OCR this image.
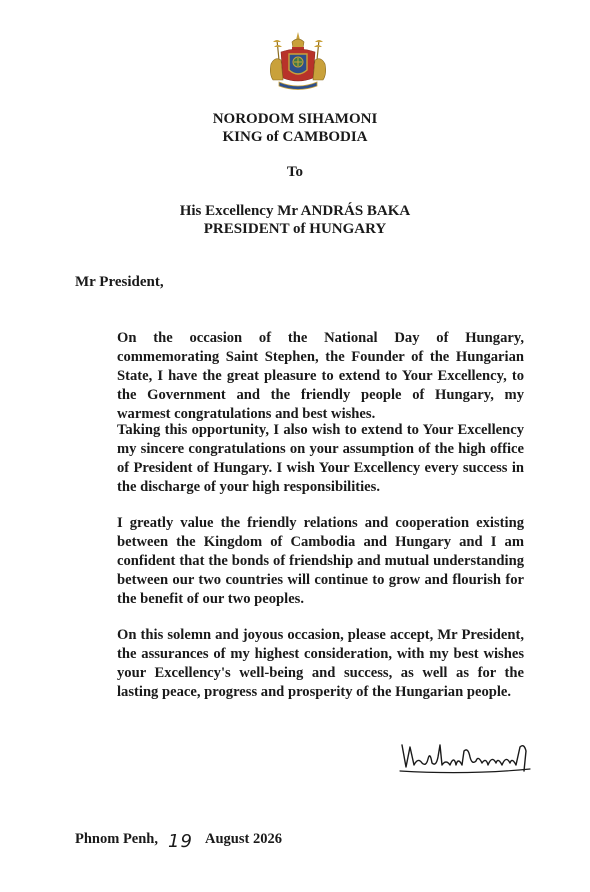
NORODOM SIHAMONI
KING of CAMBODIA
To
His Excellency Mr ANDRÁS BAKA
PRESIDENT of HUNGARY
Mr President,

On the occasion of the National Day of Hungary, commemorating Saint Stephen, the Founder of the Hungarian State, I have the great pleasure to extend to Your Excellency, to the Government and the friendly people of Hungary, my warmest congratulations and best wishes.

Taking this opportunity, I also wish to extend to Your Excellency my sincere congratulations on your assumption of the high office of President of Hungary. I wish Your Excellency every success in the discharge of your high responsibilities.

I greatly value the friendly relations and cooperation existing between the Kingdom of Cambodia and Hungary and I am confident that the bonds of friendship and mutual understanding between our two countries will continue to grow and flourish for the benefit of our two peoples.

On this solemn and joyous occasion, please accept, Mr President, the assurances of my highest consideration, with my best wishes your Excellency's well-being and success, as well as for the lasting peace, progress and prosperity of the Hungarian people.

Phnom Penh, 19 August 2026
